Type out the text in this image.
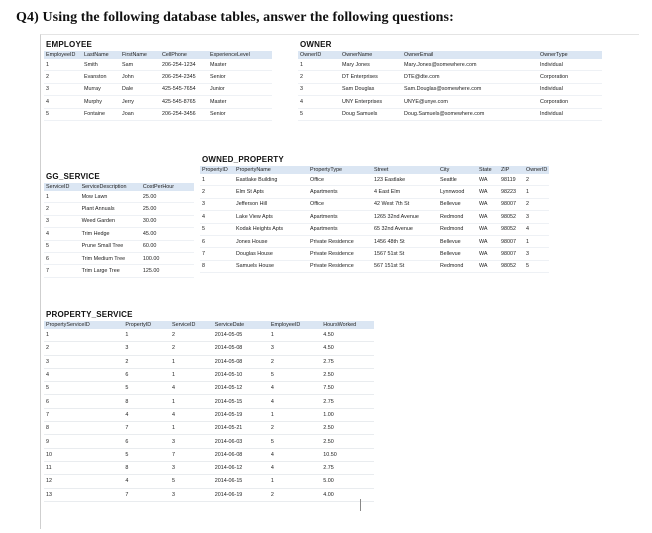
Q4) Using the following database tables, answer the following questions:
EMPLOYEE
EmployeeID	LastName	FirstName	CellPhone	ExperienceLevel
1	Smith	Sam	206-254-1234	Master
2	Evanston	John	206-254-2345	Senior
3	Murray	Dale	425-545-7654	Junior
4	Murphy	Jerry	425-545-8765	Master
5	Fontaine	Joan	206-254-3456	Senior
OWNER
OwnerID	OwnerName	OwnerEmail	OwnerType
1	Mary Jones	Mary.Jones@somewhere.com	Individual
2	DT Enterprises	DTE@dte.com	Corporation
3	Sam Douglas	Sam.Douglas@somewhere.com	Individual
4	UNY Enterprises	UNYE@unye.com	Corporation
5	Doug Samuels	Doug.Samuels@somewhere.com	Individual
OWNED_PROPERTY
PropertyID	PropertyName	PropertyType	Street	City	State	ZIP	OwnerID
1	Eastlake Building	Office	123 Eastlake	Seattle	WA	98119	2
2	Elm St Apts	Apartments	4 East Elm	Lynnwood	WA	98223	1
3	Jefferson Hill	Office	42 West 7th St	Bellevue	WA	98007	2
4	Lake View Apts	Apartments	1265 32nd Avenue	Redmond	WA	98052	3
5	Kodak Heights Apts	Apartments	65 32nd Avenue	Redmond	WA	98052	4
6	Jones House	Private Residence	1456 48th St	Bellevue	WA	98007	1
7	Douglas House	Private Residence	1567 51st St	Bellevue	WA	98007	3
8	Samuels House	Private Residence	567 151st St	Redmond	WA	98052	5
GG_SERVICE
ServiceID	ServiceDescription	CostPerHour
1	Mow Lawn	25.00
2	Plant Annuals	25.00
3	Weed Garden	30.00
4	Trim Hedge	45.00
5	Prune Small Tree	60.00
6	Trim Medium Tree	100.00
7	Trim Large Tree	125.00
PROPERTY_SERVICE
PropertyServiceID	PropertyID	ServiceID	ServiceDate	EmployeeID	HoursWorked
1	1	2	2014-05-05	1	4.50
2	3	2	2014-05-08	3	4.50
3	2	1	2014-05-08	2	2.75
4	6	1	2014-05-10	5	2.50
5	5	4	2014-05-12	4	7.50
6	8	1	2014-05-15	4	2.75
7	4	4	2014-05-19	1	1.00
8	7	1	2014-05-21	2	2.50
9	6	3	2014-06-03	5	2.50
10	5	7	2014-06-08	4	10.50
11	8	3	2014-06-12	4	2.75
12	4	5	2014-06-15	1	5.00
13	7	3	2014-06-19	2	4.00
